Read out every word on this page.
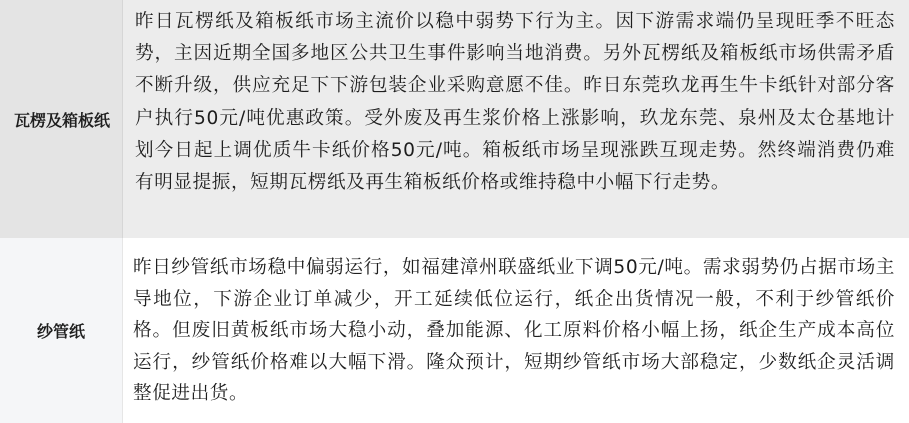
瓦楞及箱板纸
昨日瓦楞纸及箱板纸市场主流价以稳中弱势下行为主。因下游需求端仍呈现旺季不旺态势，主因近期全国多地区公共卫生事件影响当地消费。另外瓦楞纸及箱板纸市场供需矛盾不断升级，供应充足下下游包装企业采购意愿不佳。昨日东莞玖龙再生牛卡纸针对部分客户执行50元/吨优惠政策。受外废及再生浆价格上涨影响，玖龙东莞、泉州及太仓基地计划今日起上调优质牛卡纸价格50元/吨。箱板纸市场呈现涨跌互现走势。然终端消费仍难有明显提振，短期瓦楞纸及再生箱板纸价格或维持稳中小幅下行走势。
纱管纸
昨日纱管纸市场稳中偏弱运行，如福建漳州联盛纸业下调50元/吨。需求弱势仍占据市场主导地位，下游企业订单减少，开工延续低位运行，纸企出货情况一般，不利于纱管纸价格。但废旧黄板纸市场大稳小动，叠加能源、化工原料价格小幅上扬，纸企生产成本高位运行，纱管纸价格难以大幅下滑。隆众预计，短期纱管纸市场大部稳定，少数纸企灵活调整促进出货。
